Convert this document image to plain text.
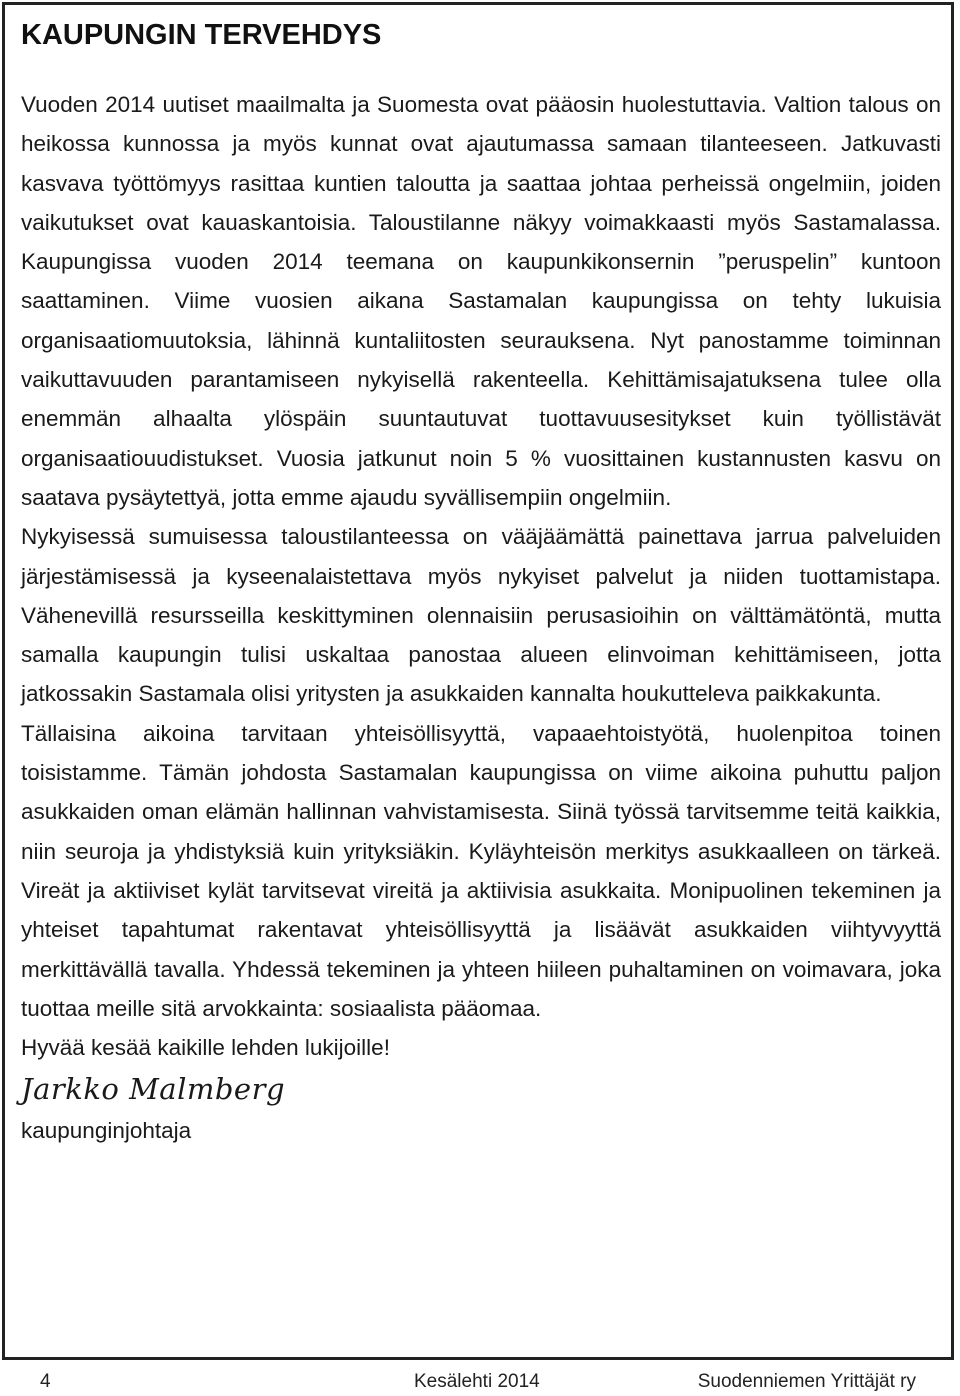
KAUPUNGIN TERVEHDYS

Vuoden 2014 uutiset maailmalta ja Suomesta ovat pääosin huolestuttavia. Valtion talous on heikossa kunnossa ja myös kunnat ovat ajautumassa samaan tilanteeseen. Jatkuvasti kasvava työttömyys rasittaa kuntien taloutta ja saattaa johtaa perheissä ongelmiin, joiden vaikutukset ovat kauaskantoisia. Taloustilanne näkyy voimakkaasti myös Sastamalassa. Kaupungissa vuoden 2014 teemana on kaupunkikonsernin ”peruspelin” kuntoon saattaminen. Viime vuosien aikana Sastamalan kaupungissa on tehty lukuisia organisaatiomuutoksia, lähinnä kuntaliitosten seurauksena. Nyt panostamme toiminnan vaikuttavuuden parantamiseen nykyisellä rakenteella. Kehittämisajatuksena tulee olla enemmän alhaalta ylöspäin suuntautuvat tuottavuusesitykset kuin työllistävät organisaatiouudistukset. Vuosia jatkunut noin 5 % vuosittainen kustannusten kasvu on saatava pysäytettyä, jotta emme ajaudu syvällisempiin ongelmiin.

Nykyisessä sumuisessa taloustilanteessa on vääjäämättä painettava jarrua palveluiden järjestämisessä ja kyseenalaistettava myös nykyiset palvelut ja niiden tuottamistapa. Vähenevillä resursseilla keskittyminen olennaisiin perusasioihin on välttämätöntä, mutta samalla kaupungin tulisi uskaltaa panostaa alueen elinvoiman kehittämiseen, jotta jatkossakin Sastamala olisi yritysten ja asukkaiden kannalta houkutteleva paikkakunta.

Tällaisina aikoina tarvitaan yhteisöllisyyttä, vapaaehtoistyötä, huolenpitoa toinen toisistamme. Tämän johdosta Sastamalan kaupungissa on viime aikoina puhuttu paljon asukkaiden oman elämän hallinnan vahvistamisesta. Siinä työssä tarvitsemme teitä kaikkia, niin seuroja ja yhdistyksiä kuin yrityksiäkin. Kyläyhteisön merkitys asukkaalleen on tärkeä. Vireät ja aktiiviset kylät tarvitsevat vireitä ja aktiivisia asukkaita. Monipuolinen tekeminen ja yhteiset tapahtumat rakentavat yhteisöllisyyttä ja lisäävät asukkaiden viihtyvyyttä merkittävällä tavalla. Yhdessä tekeminen ja yhteen hiileen puhaltaminen on voimavara, joka tuottaa meille sitä arvokkainta: sosiaalista pääomaa.

Hyvää kesää kaikille lehden lukijoille!

Jarkko Malmberg

kaupunginjohtaja

4	Kesälehti 2014	Suodenniemen Yrittäjät ry
